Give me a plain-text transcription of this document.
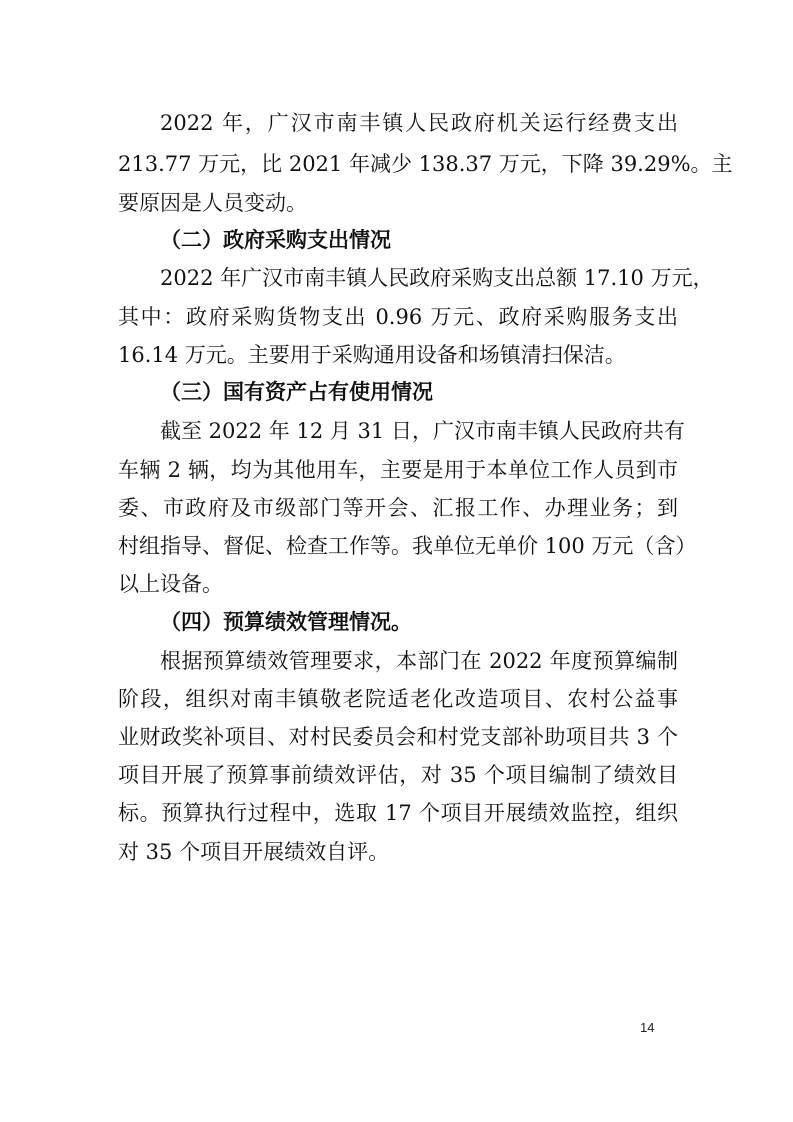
2022 年，广汉市南丰镇人民政府机关运行经费支出
213.77 万元，比 2021 年减少 138.37 万元，下降 39.29%。主
要原因是人员变动。
（二）政府采购支出情况
2022 年广汉市南丰镇人民政府采购支出总额 17.10 万元，
其中：政府采购货物支出 0.96 万元、政府采购服务支出
16.14 万元。主要用于采购通用设备和场镇清扫保洁。
（三）国有资产占有使用情况
截至 2022 年 12 月 31 日，广汉市南丰镇人民政府共有
车辆 2 辆，均为其他用车，主要是用于本单位工作人员到市
委、市政府及市级部门等开会、汇报工作、办理业务；到
村组指导、督促、检查工作等。我单位无单价 100 万元（含）
以上设备。
（四）预算绩效管理情况。
根据预算绩效管理要求，本部门在 2022 年度预算编制
阶段，组织对南丰镇敬老院适老化改造项目、农村公益事
业财政奖补项目、对村民委员会和村党支部补助项目共 3 个
项目开展了预算事前绩效评估，对 35 个项目编制了绩效目
标。预算执行过程中，选取 17 个项目开展绩效监控，组织
对 35 个项目开展绩效自评。
14
